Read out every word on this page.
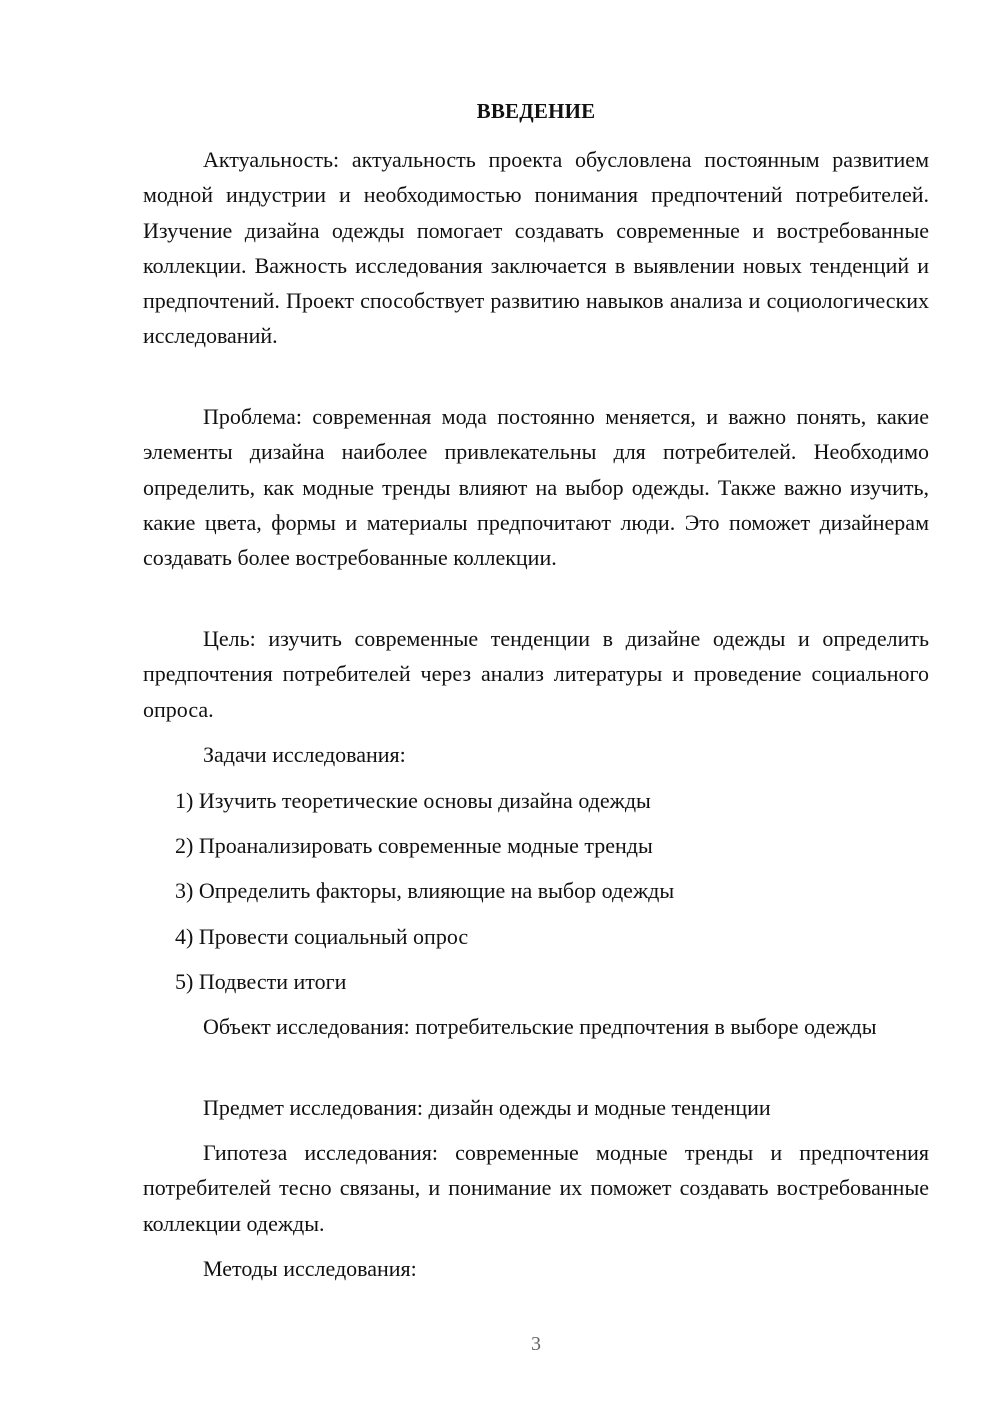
ВВЕДЕНИЕ

Актуальность: актуальность проекта обусловлена постоянным развитием модной индустрии и необходимостью понимания предпочтений потребителей. Изучение дизайна одежды помогает создавать современные и востребованные коллекции. Важность исследования заключается в выявлении новых тенденций и предпочтений. Проект способствует развитию навыков анализа и социологических исследований.

Проблема: современная мода постоянно меняется, и важно понять, какие элементы дизайна наиболее привлекательны для потребителей. Необходимо определить, как модные тренды влияют на выбор одежды. Также важно изучить, какие цвета, формы и материалы предпочитают люди. Это поможет дизайнерам создавать более востребованные коллекции.

Цель: изучить современные тенденции в дизайне одежды и определить предпочтения потребителей через анализ литературы и проведение социального опроса.

Задачи исследования:

1) Изучить теоретические основы дизайна одежды

2) Проанализировать современные модные тренды

3) Определить факторы, влияющие на выбор одежды

4) Провести социальный опрос

5) Подвести итоги

Объект исследования: потребительские предпочтения в выборе одежды

Предмет исследования: дизайн одежды и модные тенденции

Гипотеза исследования: современные модные тренды и предпочтения потребителей тесно связаны, и понимание их поможет создавать востребованные коллекции одежды.

Методы исследования:

3
